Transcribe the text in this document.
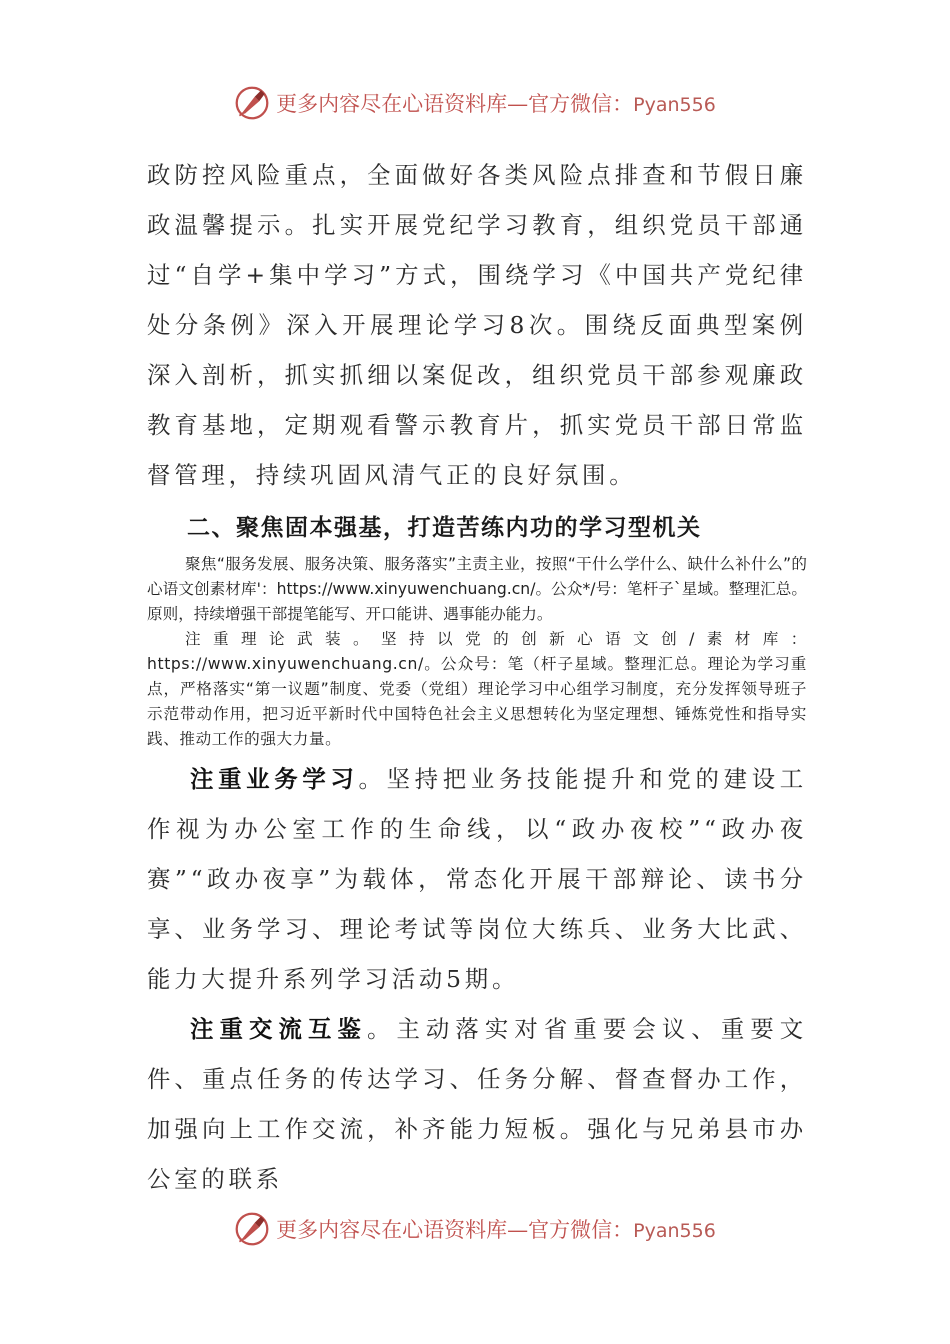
更多内容尽在心语资料库—官方微信：Pyan556

政防控风险重点，全面做好各类风险点排查和节假日廉政温馨提示。扎实开展党纪学习教育，组织党员干部通过“自学+集中学习”方式，围绕学习《中国共产党纪律处分条例》深入开展理论学习8次。围绕反面典型案例深入剖析，抓实抓细以案促改，组织党员干部参观廉政教育基地，定期观看警示教育片，抓实党员干部日常监督管理，持续巩固风清气正的良好氛围。

二、聚焦固本强基，打造苦练内功的学习型机关

聚焦“服务发展、服务决策、服务落实”主责主业，按照“干什么学什么、缺什么补什么”的心语文创素材库'：https://www.xinyuwenchuang.cn/。公众*/号：笔杆子`星域。整理汇总。原则，持续增强干部提笔能写、开口能讲、遇事能办能力。

注重理论武装。坚持以党的创新心语文创/素材库：https://www.xinyuwenchuang.cn/。公众号：笔（杆子星域。整理汇总。理论为学习重点，严格落实“第一议题”制度、党委（党组）理论学习中心组学习制度，充分发挥领导班子示范带动作用，把习近平新时代中国特色社会主义思想转化为坚定理想、锤炼党性和指导实践、推动工作的强大力量。

注重业务学习。坚持把业务技能提升和党的建设工作视为办公室工作的生命线，以“政办夜校”“政办夜赛”“政办夜享”为载体，常态化开展干部辩论、读书分享、业务学习、理论考试等岗位大练兵、业务大比武、能力大提升系列学习活动5期。

注重交流互鉴。主动落实对省重要会议、重要文件、重点任务的传达学习、任务分解、督查督办工作，加强向上工作交流，补齐能力短板。强化与兄弟县市办公室的联系

更多内容尽在心语资料库—官方微信：Pyan556
